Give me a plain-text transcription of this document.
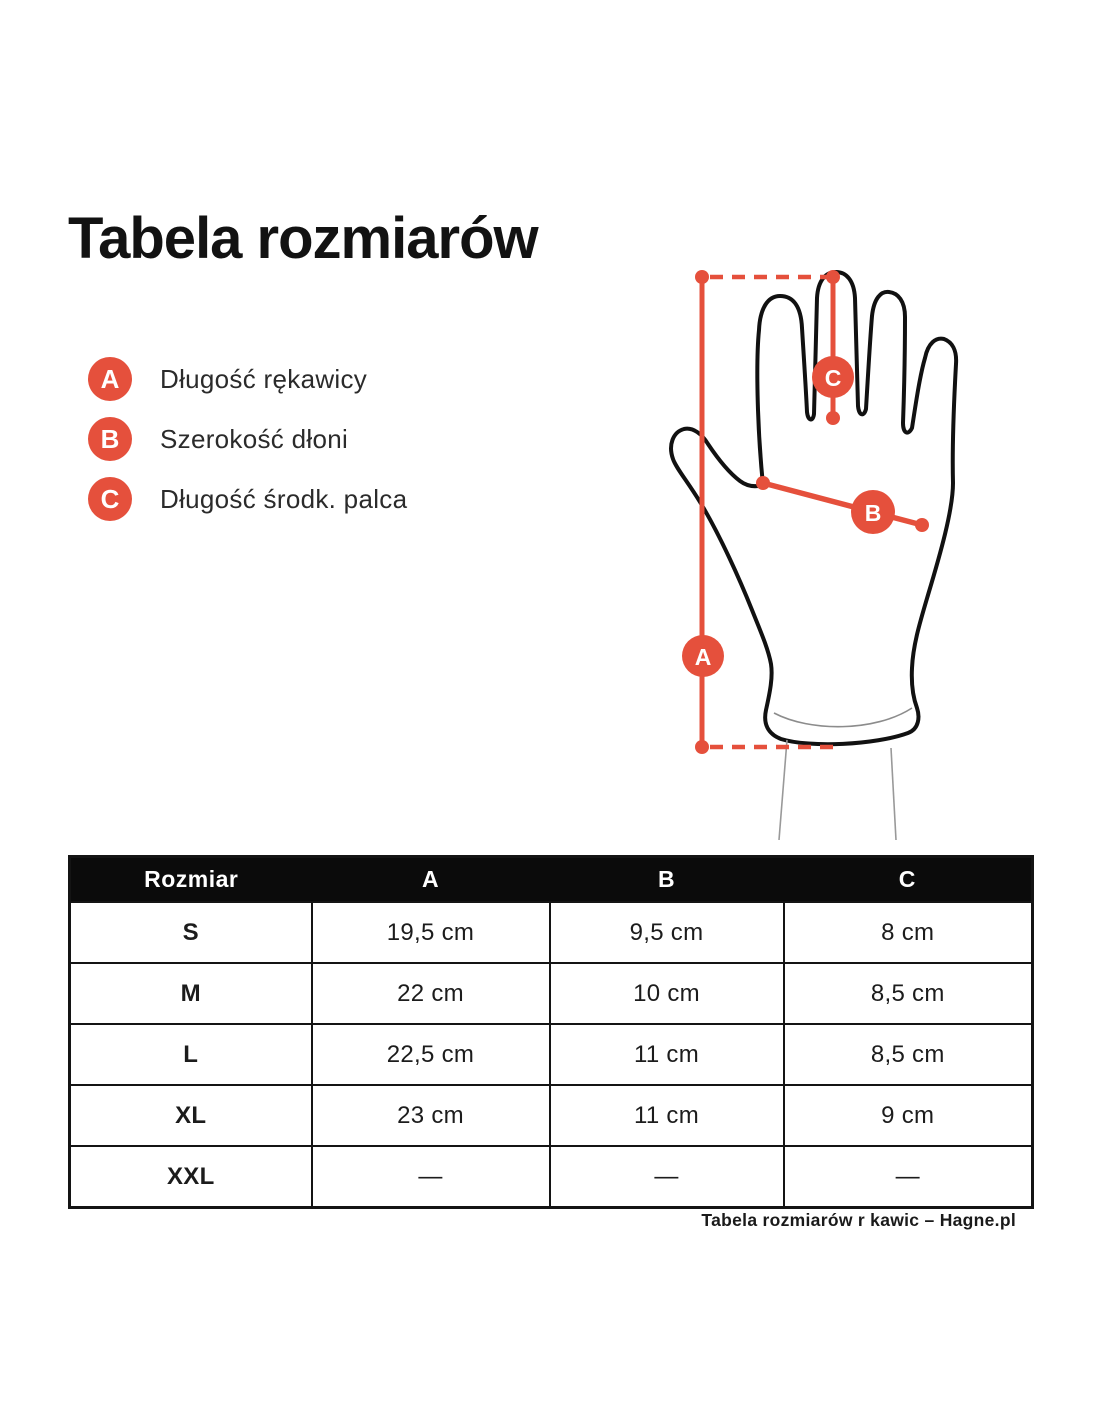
Tabela rozmiarów
A	Długość rękawicy
B	Szerokość dłoni
C	Długość środk. palca
A
B
C
Rozmiar	A	B	C
S	19,5 cm	9,5 cm	8 cm
M	22 cm	10 cm	8,5 cm
L	22,5 cm	11 cm	8,5 cm
XL	23 cm	11 cm	9 cm
XXL	—	—	—
Tabela rozmiarów r kawic – Hagne.pl
